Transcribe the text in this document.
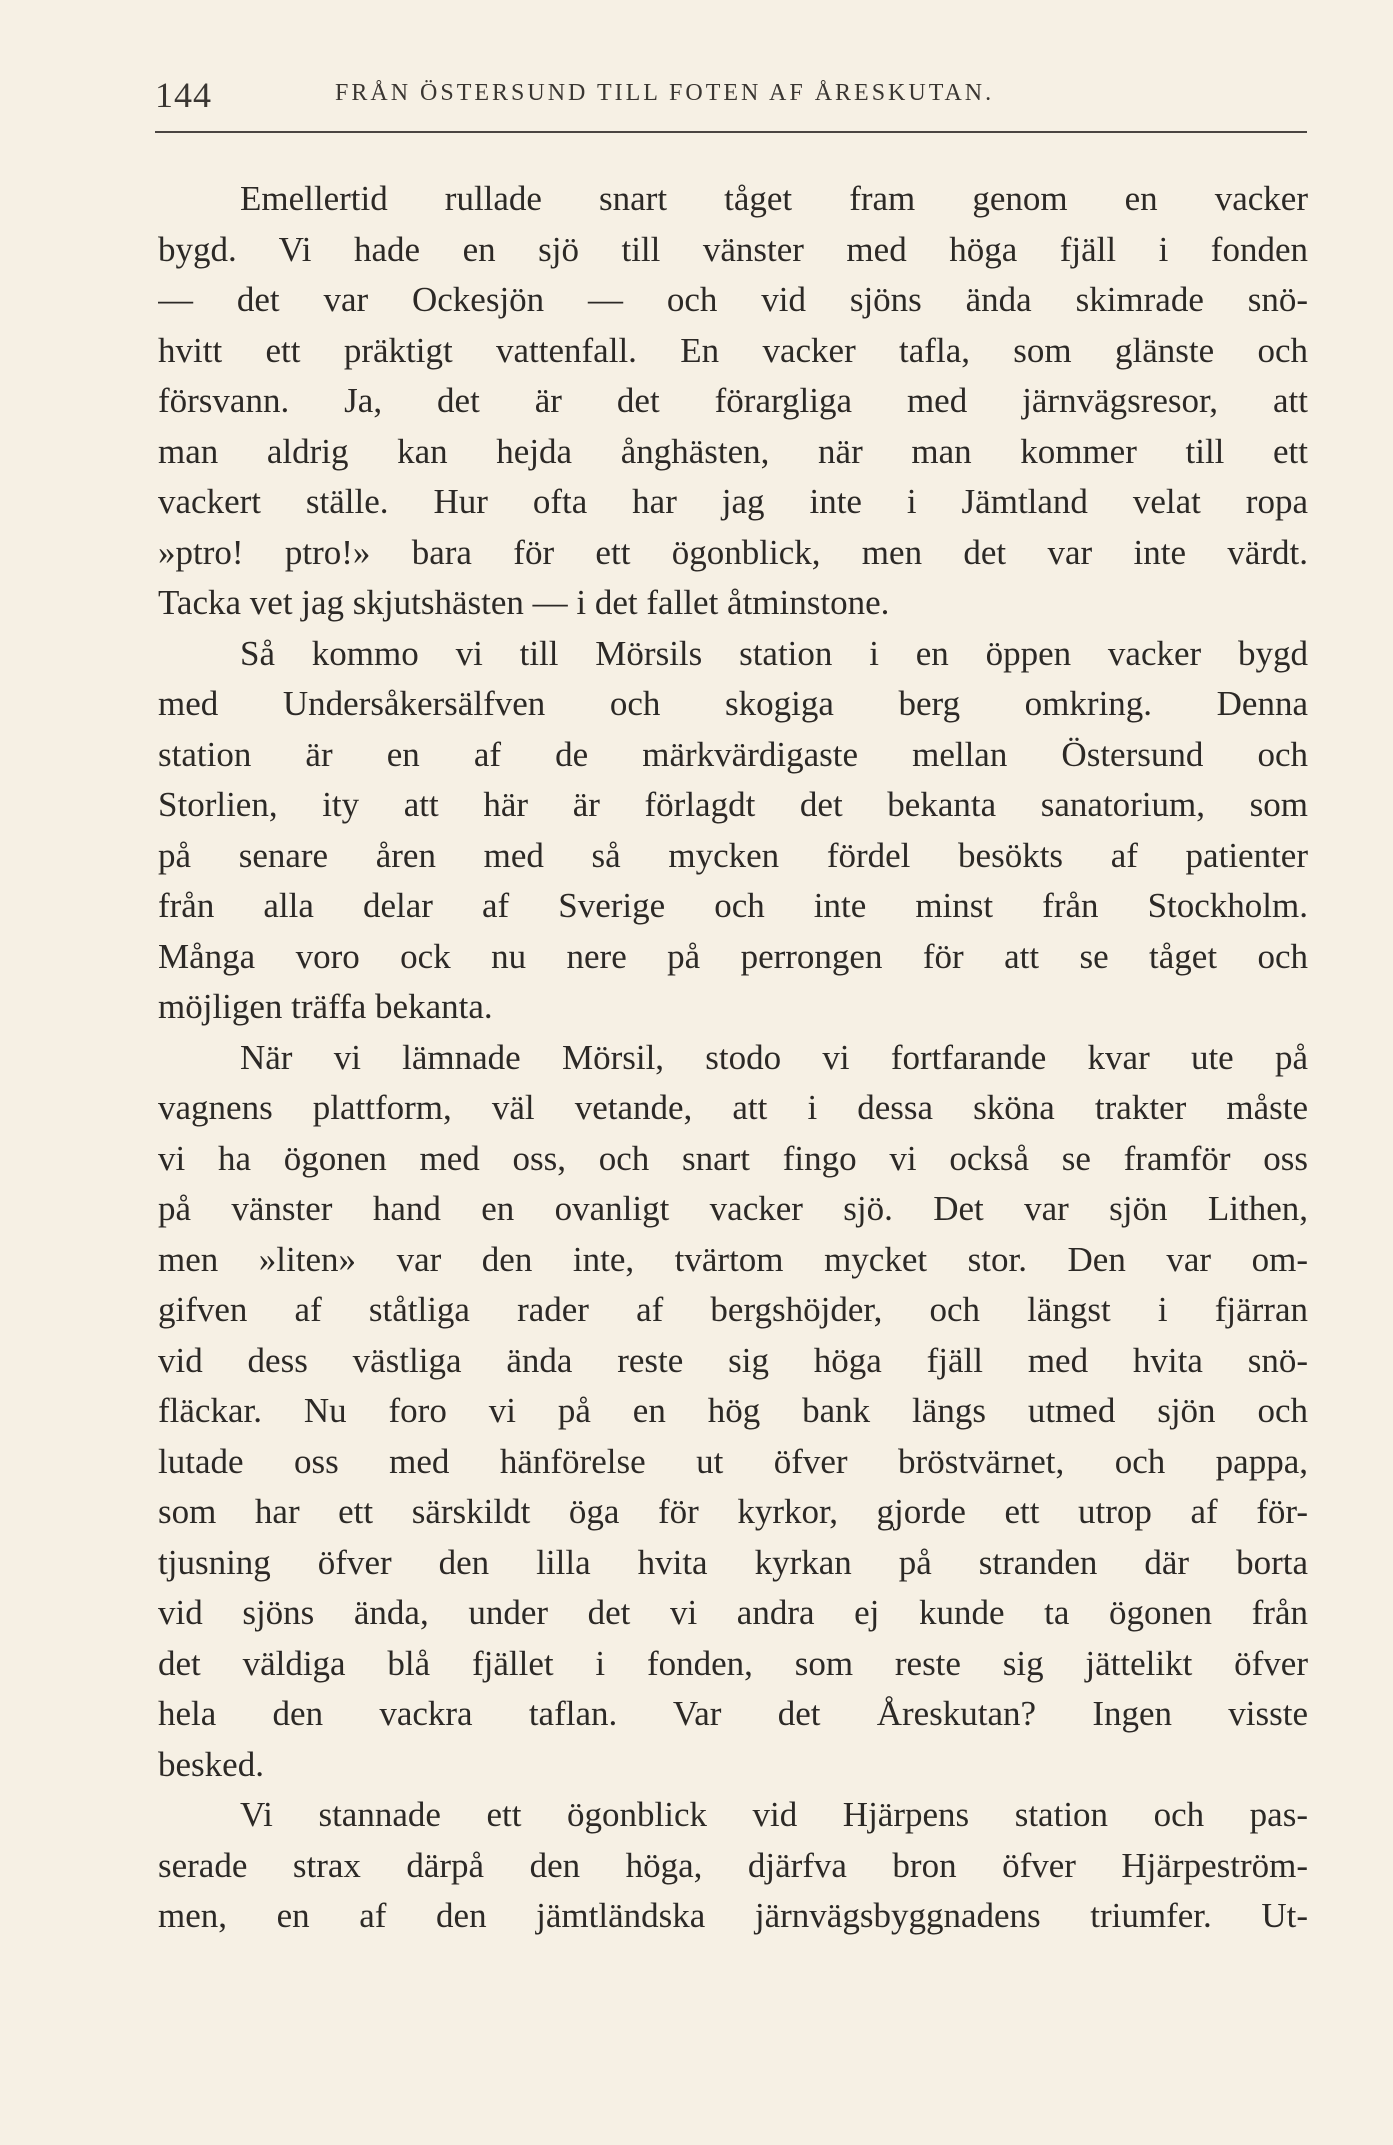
144	FRÅN ÖSTERSUND TILL FOTEN AF ÅRESKUTAN.
Emellertid rullade snart tåget fram genom en vacker
bygd. Vi hade en sjö till vänster med höga fjäll i fonden
— det var Ockesjön — och vid sjöns ända skimrade snö-
hvitt ett präktigt vattenfall. En vacker tafla, som glänste och
försvann. Ja, det är det förargliga med järnvägsresor, att
man aldrig kan hejda ånghästen, när man kommer till ett
vackert ställe. Hur ofta har jag inte i Jämtland velat ropa
»ptro! ptro!» bara för ett ögonblick, men det var inte värdt.
Tacka vet jag skjutshästen — i det fallet åtminstone.
Så kommo vi till Mörsils station i en öppen vacker bygd
med Undersåkersälfven och skogiga berg omkring. Denna
station är en af de märkvärdigaste mellan Östersund och
Storlien, ity att här är förlagdt det bekanta sanatorium, som
på senare åren med så mycken fördel besökts af patienter
från alla delar af Sverige och inte minst från Stockholm.
Många voro ock nu nere på perrongen för att se tåget och
möjligen träffa bekanta.
När vi lämnade Mörsil, stodo vi fortfarande kvar ute på
vagnens plattform, väl vetande, att i dessa sköna trakter måste
vi ha ögonen med oss, och snart fingo vi också se framför oss
på vänster hand en ovanligt vacker sjö. Det var sjön Lithen,
men »liten» var den inte, tvärtom mycket stor. Den var om-
gifven af ståtliga rader af bergshöjder, och längst i fjärran
vid dess västliga ända reste sig höga fjäll med hvita snö-
fläckar. Nu foro vi på en hög bank längs utmed sjön och
lutade oss med hänförelse ut öfver bröstvärnet, och pappa,
som har ett särskildt öga för kyrkor, gjorde ett utrop af för-
tjusning öfver den lilla hvita kyrkan på stranden där borta
vid sjöns ända, under det vi andra ej kunde ta ögonen från
det väldiga blå fjället i fonden, som reste sig jättelikt öfver
hela den vackra taflan. Var det Åreskutan? Ingen visste
besked.
Vi stannade ett ögonblick vid Hjärpens station och pas-
serade strax därpå den höga, djärfva bron öfver Hjärpeström-
men, en af den jämtländska järnvägsbyggnadens triumfer. Ut-
